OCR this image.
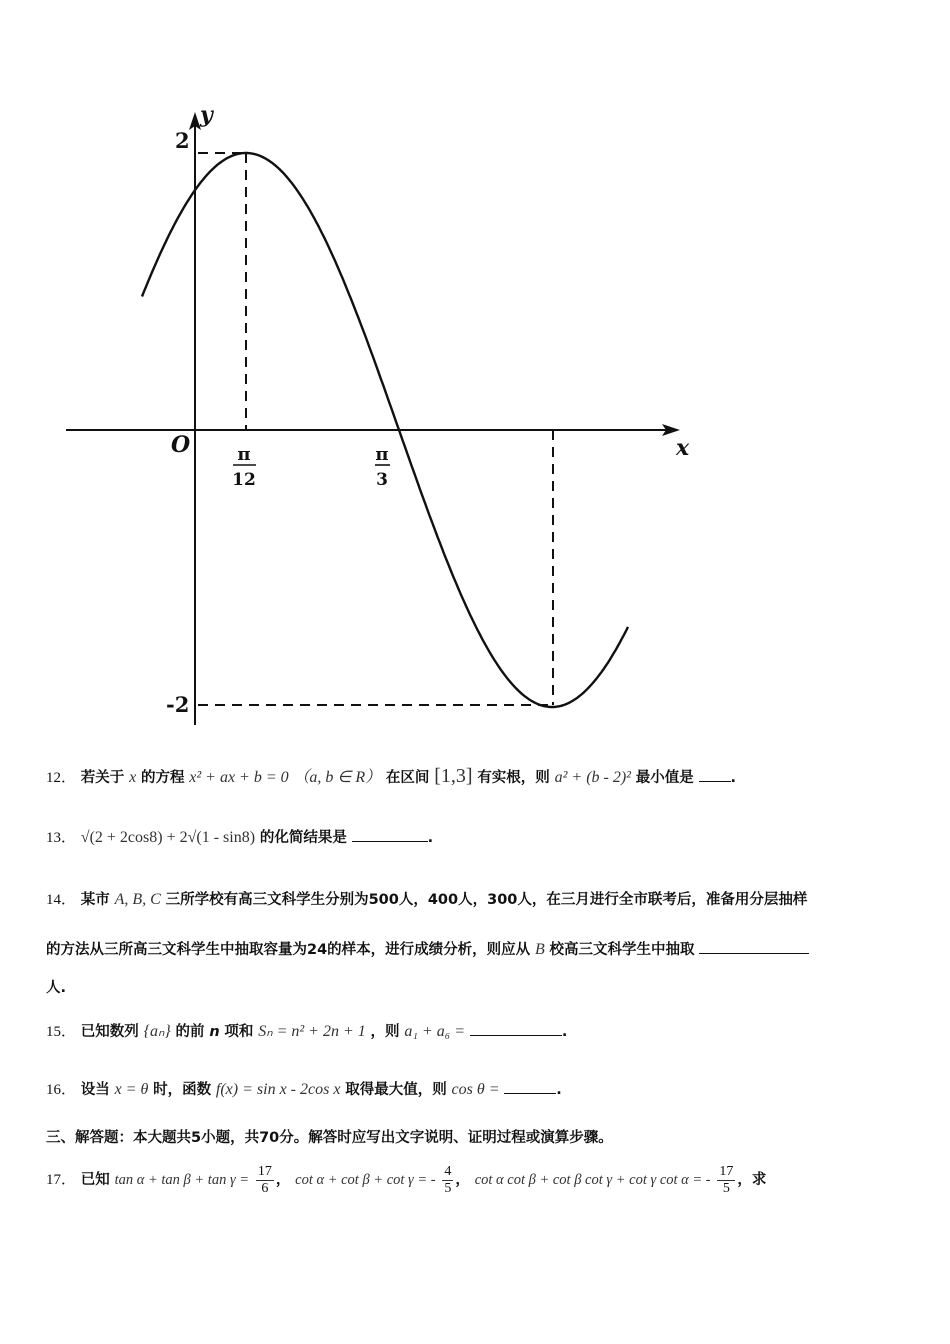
y
x
O
2
-2
π
12
π
3
12． 若关于 x 的方程 x² + ax + b = 0 （a, b ∈ R） 在区间 [1,3] 有实根，则 a² + (b - 2)² 最小值是	.
13． √(2 + 2cos8) + 2√(1 - sin8) 的化简结果是	.
14． 某市 A, B, C 三所学校有高三文科学生分别为500人，400人，300人，在三月进行全市联考后，准备用分层抽样
的方法从三所高三文科学生中抽取容量为24的样本，进行成绩分析，则应从 B 校高三文科学生中抽取
人.
15． 已知数列 {aₙ} 的前 n 项和 Sₙ = n² + 2n + 1 ，则 a₁ + a₆ =	.
16． 设当 x = θ 时，函数 f(x) = sin x - 2cos x 取得最大值，则 cos θ =	.
三、解答题：本大题共5小题，共70分。解答时应写出文字说明、证明过程或演算步骤。
17． 已知 $\tan \alpha + \tan \beta + \tan \gamma = \frac{17}{6}$ ， cot α + cot β + cot γ = - $\frac{4}{5}$ ， cot α cot β + cot β cot γ + cot γ cot α = - $\frac{17}{5}$ ，求
